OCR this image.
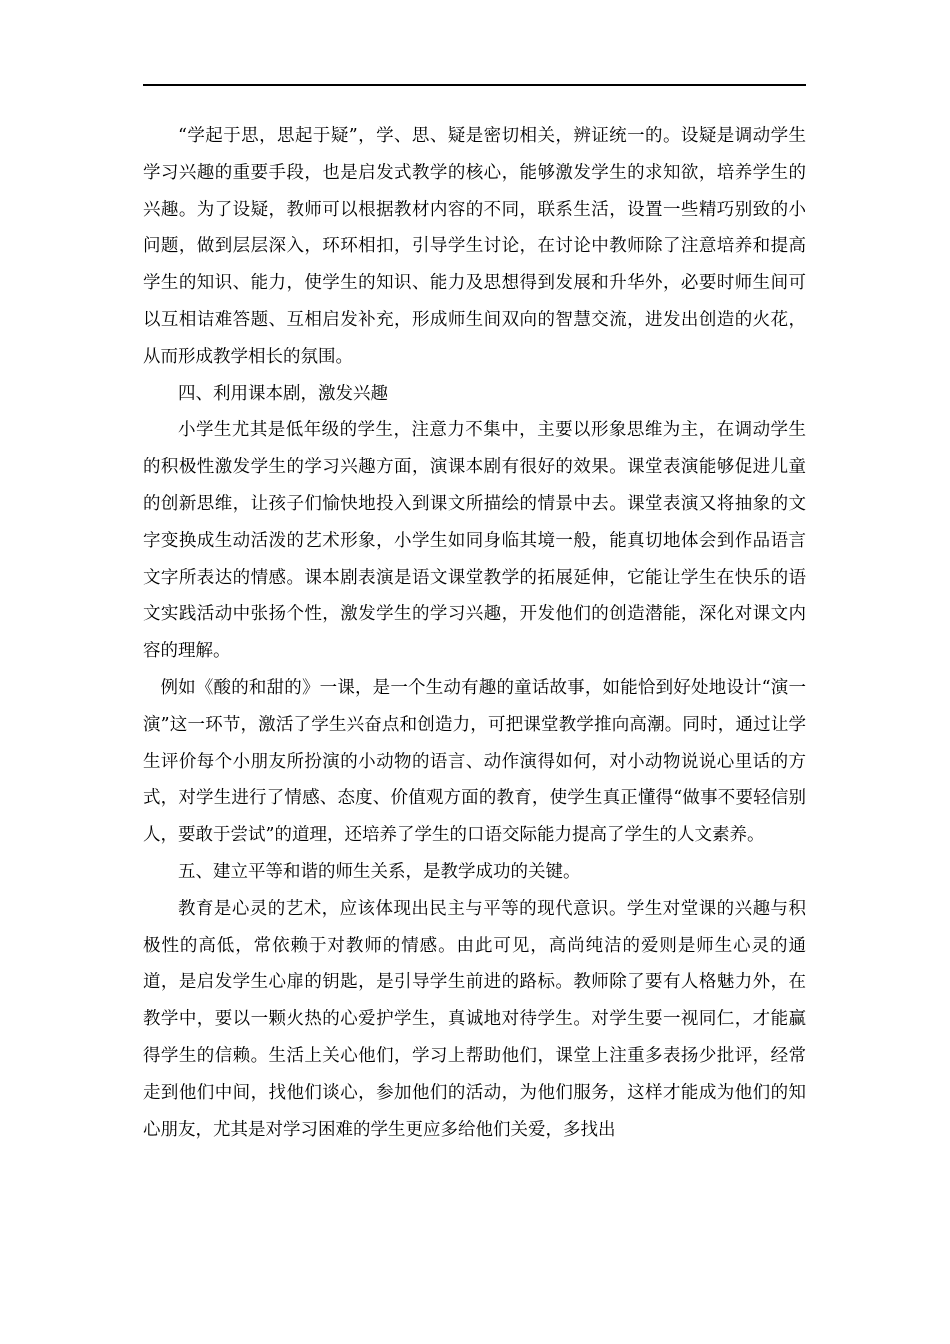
“学起于思，思起于疑”，学、思、疑是密切相关，辨证统一的。设疑是调动学生学习兴趣的重要手段，也是启发式教学的核心，能够激发学生的求知欲，培养学生的兴趣。为了设疑，教师可以根据教材内容的不同，联系生活，设置一些精巧别致的小问题，做到层层深入，环环相扣，引导学生讨论，在讨论中教师除了注意培养和提高学生的知识、能力，使学生的知识、能力及思想得到发展和升华外，必要时师生间可以互相诘难答题、互相启发补充，形成师生间双向的智慧交流，进发出创造的火花，从而形成教学相长的氛围。

四、利用课本剧，激发兴趣

小学生尤其是低年级的学生，注意力不集中，主要以形象思维为主，在调动学生的积极性激发学生的学习兴趣方面，演课本剧有很好的效果。课堂表演能够促进儿童的创新思维，让孩子们愉快地投入到课文所描绘的情景中去。课堂表演又将抽象的文字变换成生动活泼的艺术形象，小学生如同身临其境一般，能真切地体会到作品语言文字所表达的情感。课本剧表演是语文课堂教学的拓展延伸，它能让学生在快乐的语文实践活动中张扬个性，激发学生的学习兴趣，开发他们的创造潜能，深化对课文内容的理解。

例如《酸的和甜的》一课，是一个生动有趣的童话故事，如能恰到好处地设计“演一演”这一环节，激活了学生兴奋点和创造力，可把课堂教学推向高潮。同时，通过让学生评价每个小朋友所扮演的小动物的语言、动作演得如何，对小动物说说心里话的方式，对学生进行了情感、态度、价值观方面的教育，使学生真正懂得“做事不要轻信别人，要敢于尝试”的道理，还培养了学生的口语交际能力提高了学生的人文素养。

五、建立平等和谐的师生关系，是教学成功的关键。

教育是心灵的艺术，应该体现出民主与平等的现代意识。学生对堂课的兴趣与积极性的高低，常依赖于对教师的情感。由此可见，高尚纯洁的爱则是师生心灵的通道，是启发学生心扉的钥匙，是引导学生前进的路标。教师除了要有人格魅力外，在教学中，要以一颗火热的心爱护学生，真诚地对待学生。对学生要一视同仁，才能赢得学生的信赖。生活上关心他们，学习上帮助他们，课堂上注重多表扬少批评，经常走到他们中间，找他们谈心，参加他们的活动，为他们服务，这样才能成为他们的知心朋友，尤其是对学习困难的学生更应多给他们关爱，多找出
